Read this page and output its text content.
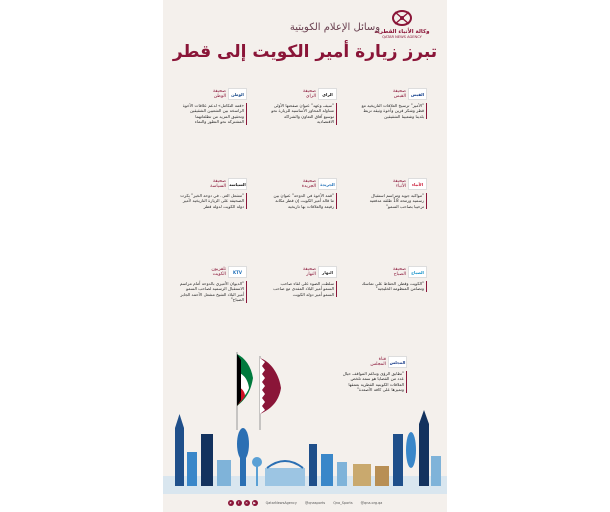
وكالة الأنباء القطرية
QATAR NEWS AGENCY
وسائل الإعلام الكويتية
تبرز زيارة أمير الكويت إلى قطر
صحيفة
القبس	القبس
"الأمير" ترسيخ العلاقات التاريخية مع قطر وشكر قرين وأخوة وثيقة تربط بلدينا وشعبينا الشقيقين
صحيفة
الراي	الراي
"سيف وعهد" عنوان صفحتها الأولى متناولة المحاور الأساسية للزيارة نحو توسيع آفاق التعاون والشراكة الاقتصادية
صحيفة
الوطن	الوطن
«قمة التكامل» لدعم علاقات الأخوة الراسخة بين الشعبين الشقيقين وتحقيق المزيد من تطلعاتهما المشتركة نحو التطور والنماء
صحيفة
الأنباء	الأنباء
"مواكبة جوية ومراسم استقبال رسمية ورمحة 18 طلقة مدفعية ترحيبا بصاحب السمو"
صحيفة
الجريدة	الجريدة
"قمة الأخوة في الدوحة" عنوان بين ما قاله أمير الكويت إن قطر مكانة رفيعة والعلاقات بها تاريخية
صحيفة
السياسة السياسة
"مشعل العز.. في دوحة الخير" بكرت الصحيفة على الزيارة التاريخية لأمير دولة الكويت لدولة قطر
صحيفة
الصباح	الصباح
"الكويت وقطر, الحفاظ على تماسك وتضامن المنظومة الخليجية"
صحيفة
النهار	النهار
سلطت الضوء على لقاء صاحب السمو أمير البلاد المفدى مع صاحب السمو أمير دولة الكويت
تلفزيون
الكويت	KTV
"الديوان الأميري بالدوحة أمام مراسم الاستقبال الرسمية لصاحب السمو أمير البلاد الشيخ مشعل الأحمد الجابر الصباح"
قناة
المجلس المجلس
"تطابق الرؤى وتناغم المواقف حيال عدد من القضايا هو سمة تلخص العلاقات الكويتية القطرية بعمقها وتميزها على كافة الأصعدة"
➤	f	✕	▶	QatarNewsAgency @qnasports Qna_Sports @qna.org.qa
